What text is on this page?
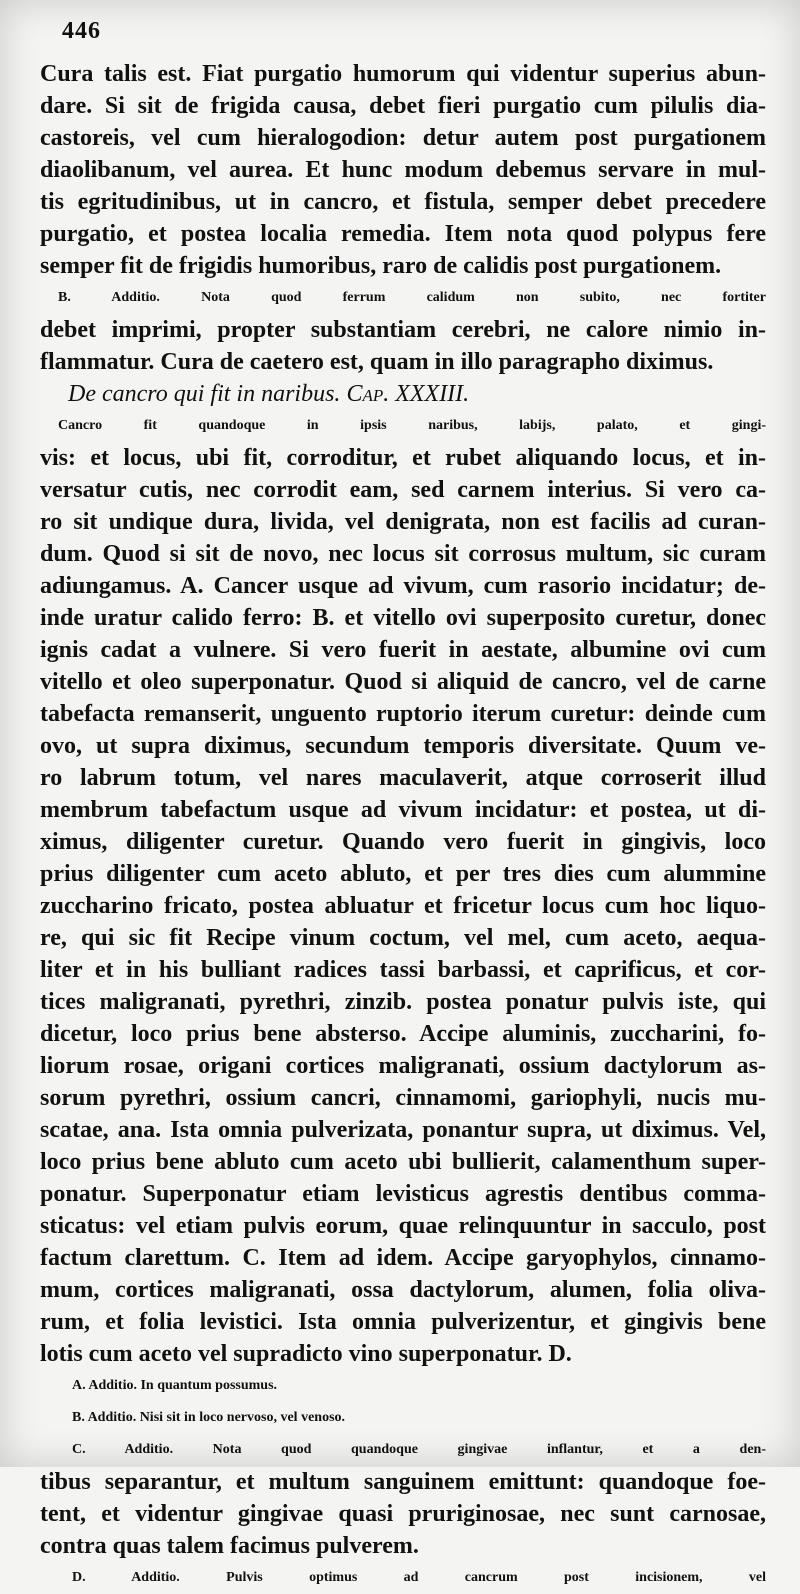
446
Cura talis est. Fiat purgatio humorum qui videntur superius abun-
dare. Si sit de frigida causa, debet fieri purgatio cum pilulis dia-
castoreis, vel cum hieralogodion: detur autem post purgationem
diaolibanum, vel aurea. Et hunc modum debemus servare in mul-
tis egritudinibus, ut in cancro, et fistula, semper debet precedere
purgatio, et postea localia remedia. Item nota quod polypus fere
semper fit de frigidis humoribus, raro de calidis post purgationem.
B. Additio. Nota quod ferrum calidum non subito, nec fortiter
debet imprimi, propter substantiam cerebri, ne calore nimio in-
flammatur. Cura de caetero est, quam in illo paragrapho diximus.
De cancro qui fit in naribus. Cap. XXXIII.
Cancro fit quandoque in ipsis naribus, labijs, palato, et gingi-
vis: et locus, ubi fit, corroditur, et rubet aliquando locus, et in-
versatur cutis, nec corrodit eam, sed carnem interius. Si vero ca-
ro sit undique dura, livida, vel denigrata, non est facilis ad curan-
dum. Quod si sit de novo, nec locus sit corrosus multum, sic curam
adiungamus. A. Cancer usque ad vivum, cum rasorio incidatur; de-
inde uratur calido ferro: B. et vitello ovi superposito curetur, donec
ignis cadat a vulnere. Si vero fuerit in aestate, albumine ovi cum
vitello et oleo superponatur. Quod si aliquid de cancro, vel de carne
tabefacta remanserit, unguento ruptorio iterum curetur: deinde cum
ovo, ut supra diximus, secundum temporis diversitate. Quum ve-
ro labrum totum, vel nares maculaverit, atque corroserit illud
membrum tabefactum usque ad vivum incidatur: et postea, ut di-
ximus, diligenter curetur. Quando vero fuerit in gingivis, loco
prius diligenter cum aceto abluto, et per tres dies cum alummine
zuccharino fricato, postea abluatur et fricetur locus cum hoc liquo-
re, qui sic fit Recipe vinum coctum, vel mel, cum aceto, aequa-
liter et in his bulliant radices tassi barbassi, et caprificus, et cor-
tices maligranati, pyrethri, zinzib. postea ponatur pulvis iste, qui
dicetur, loco prius bene absterso. Accipe aluminis, zuccharini, fo-
liorum rosae, origani cortices maligranati, ossium dactylorum as-
sorum pyrethri, ossium cancri, cinnamomi, gariophyli, nucis mu-
scatae, ana. Ista omnia pulverizata, ponantur supra, ut diximus. Vel,
loco prius bene abluto cum aceto ubi bullierit, calamenthum super-
ponatur. Superponatur etiam levisticus agrestis dentibus comma-
sticatus: vel etiam pulvis eorum, quae relinquuntur in sacculo, post
factum clarettum. C. Item ad idem. Accipe garyophylos, cinnamo-
mum, cortices maligranati, ossa dactylorum, alumen, folia oliva-
rum, et folia levistici. Ista omnia pulverizentur, et gingivis bene
lotis cum aceto vel supradicto vino superponatur. D.
A. Additio. In quantum possumus.
B. Additio. Nisi sit in loco nervoso, vel venoso.
C. Additio. Nota quod quandoque gingivae inflantur, et a den-
tibus separantur, et multum sanguinem emittunt: quandoque foe-
tent, et videntur gingivae quasi pruriginosae, nec sunt carnosae,
contra quas talem facimus pulverem.
D. Additio. Pulvis optimus ad cancrum post incisionem, vel
